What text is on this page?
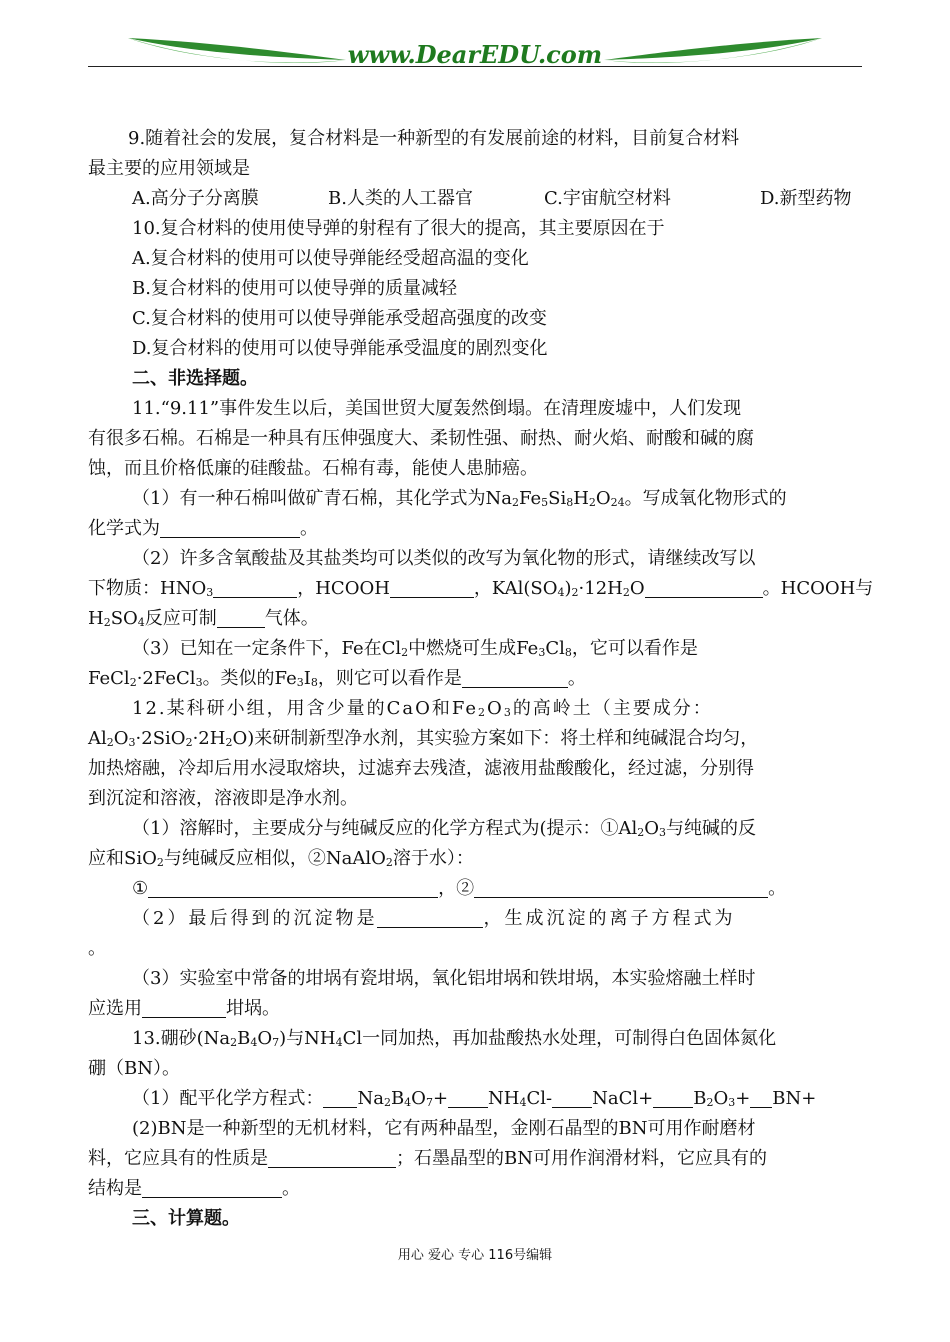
www.DearEDU.com
9.随着社会的发展，复合材料是一种新型的有发展前途的材料，目前复合材料
最主要的应用领域是
A.高分子分离膜	B.人类的人工器官	C.宇宙航空材料	D.新型药物
10.复合材料的使用使导弹的射程有了很大的提高，其主要原因在于
A.复合材料的使用可以使导弹能经受超高温的变化
B.复合材料的使用可以使导弹的质量减轻
C.复合材料的使用可以使导弹能承受超高强度的改变
D.复合材料的使用可以使导弹能承受温度的剧烈变化
二、非选择题。
11.“9.11”事件发生以后，美国世贸大厦轰然倒塌。在清理废墟中，人们发现
有很多石棉。石棉是一种具有压伸强度大、柔韧性强、耐热、耐火焰、耐酸和碱的腐
蚀，而且价格低廉的硅酸盐。石棉有毒，能使人患肺癌。
（1）有一种石棉叫做矿青石棉，其化学式为$Na_2Fe_5Si_8H_2O_{24}$。写成氧化物形式的
化学式为	。
（2）许多含氧酸盐及其盐类均可以类似的改写为氧化物的形式，请继续改写以
下物质：$HNO_3$	，HCOOH	，$KAl(SO_4)_2\cdot 12H_2O$	。HCOOH与
$H_2SO_4$反应可制	气体。
（3）已知在一定条件下，Fe在$Cl_2$中燃烧可生成$Fe_3Cl_8$，它可以看作是
FeCl$_2$·2FeCl$_3$。类似的$Fe_3I_8$，则它可以看作是	。
12.某科研小组，用含少量的CaO和$Fe_2O_3$的高岭土（主要成分：
$Al_2O_3\cdot 2SiO_2\cdot 2H_2O$)来研制新型净水剂，其实验方案如下：将土样和纯碱混合均匀，
加热熔融，冷却后用水浸取熔块，过滤弃去残渣，滤液用盐酸酸化，经过滤，分别得
到沉淀和溶液，溶液即是净水剂。
（1）溶解时，主要成分与纯碱反应的化学方程式为(提示：$①Al_2O_3$与纯碱的反
应和SiO$_2$与纯碱反应相似，②NaAlO$_2$溶于水）：
①	，②	。
（2）最后得到的沉淀物是	，生成沉淀的离子方程式为
。
（3）实验室中常备的坩埚有瓷坩埚，氧化铝坩埚和铁坩埚，本实验熔融土样时
应选用	坩埚。
13.硼砂$(Na_2B_4O_7)$与$NH_4Cl$一同加热，再加盐酸热水处理，可制得白色固体氮化
硼（BN）。
（1）配平化学方程式： $Na_2B_4O_7+ NH_4Cl-$ NaCl+ $B_2O_3+ BN+$
(2)BN是一种新型的无机材料，它有两种晶型，金刚石晶型的BN可用作耐磨材
料，它应具有的性质是	；石墨晶型的BN可用作润滑材料，它应具有的
结构是	。
三、计算题。
用心 爱心 专心 116号编辑
